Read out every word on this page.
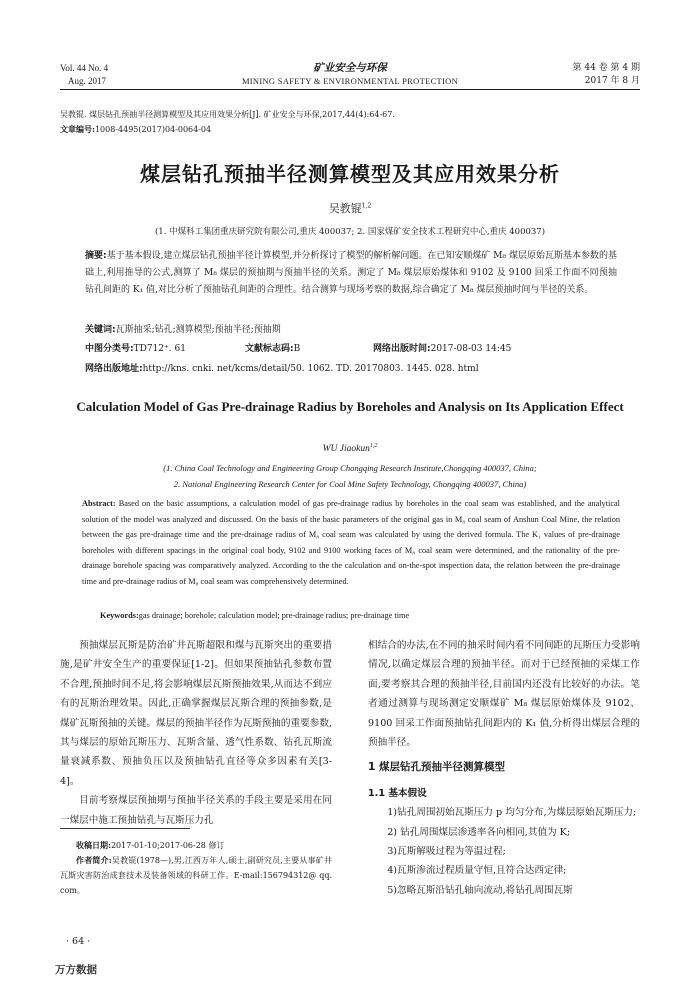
Vol. 44 No. 4
Aug. 2017
矿业安全与环保
MINING SAFETY & ENVIRONMENTAL PROTECTION
第 44 卷 第 4 期
2017 年 8 月
吴教锟. 煤层钻孔预抽半径测算模型及其应用效果分析[J]. 矿业安全与环保,2017,44(4):64-67.
文章编号:1008-4495(2017)04-0064-04
煤层钻孔预抽半径测算模型及其应用效果分析
吴教锟$^{1,2}$
(1. 中煤科工集团重庆研究院有限公司,重庆 400037; 2. 国家煤矿安全技术工程研究中心,重庆 400037)
摘要:基于基本假设,建立煤层钻孔预抽半径计算模型,并分析探讨了模型的解析解问题。在已知安顺煤矿 M₈ 煤层原始瓦斯基本参数的基础上,利用推导的公式,测算了 M₈ 煤层的预抽期与预抽半径的关系。测定了 M₈ 煤层原始煤体和 9102 及 9100 回采工作面不同预抽钻孔间距的 K₁ 值,对比分析了预抽钻孔间距的合理性。结合测算与现场考察的数据,综合确定了 M₈ 煤层预抽时间与半径的关系。
关键词:瓦斯抽采;钻孔;测算模型;预抽半径;预抽期
中图分类号:TD712⁺. 61	文献标志码:B	网络出版时间:2017-08-03 14:45
网络出版地址:http://kns. cnki. net/kcms/detail/50. 1062. TD. 20170803. 1445. 028. html
Calculation Model of Gas Pre-drainage Radius by Boreholes and Analysis on Its Application Effect
WU Jiaokun$^{1,2}$
(1. China Coal Technology and Engineering Group Chongqing Research Institute,Chongqing 400037, China;
2. National Engineering Research Center for Coal Mine Safety Technology, Chongqing 400037, China)
Abstract: Based on the basic assumptions, a calculation model of gas pre-drainage radius by boreholes in the coal seam was established, and the analytical solution of the model was analyzed and discussed. On the basis of the basic parameters of the original gas in M₈ coal seam of Anshun Coal Mine, the relation between the gas pre-drainage time and the pre-drainage radius of M₈ coal seam was calculated by using the derived formula. The K₁ values of pre-drainage boreholes with different spacings in the original coal body, 9102 and 9100 working faces of M₈ coal seam were determined, and the rationality of the pre-drainage borehole spacing was comparatively analyzed. According to the the calculation and on-the-spot inspection data, the relation between the pre-drainage time and pre-drainage radius of M₈ coal seam was comprehensively determined.
Keywords:gas drainage; borehole; calculation model; pre-drainage radius; pre-drainage time

预抽煤层瓦斯是防治矿井瓦斯超限和煤与瓦斯突出的重要措施,是矿井安全生产的重要保证[1-2]。但如果预抽钻孔参数布置不合理,预抽时间不足,将会影响煤层瓦斯预抽效果,从而达不到应有的瓦斯治理效果。因此,正确掌握煤层瓦斯合理的预抽参数,是煤矿瓦斯预抽的关键。煤层的预抽半径作为瓦斯预抽的重要参数,其与煤层的原始瓦斯压力、瓦斯含量、透气性系数、钻孔瓦斯流量衰减系数、预抽负压以及预抽钻孔直径等众多因素有关[3-4]。

目前考察煤层预抽期与预抽半径关系的手段主要是采用在同一煤层中施工预抽钻孔与瓦斯压力孔

相结合的办法,在不同的抽采时间内看不同间距的瓦斯压力受影响情况,以确定煤层合理的预抽半径。而对于已经预抽的采煤工作面,要考察其合理的预抽半径,目前国内还没有比较好的办法。笔者通过测算与现场测定安顺煤矿 M₈ 煤层原始煤体及 9102、9100 回采工作面预抽钻孔间距内的 K₁ 值,分析得出煤层合理的预抽半径。

1 煤层钻孔预抽半径测算模型
1.1 基本假设

1)钻孔周围初始瓦斯压力 p 均匀分布,为煤层原始瓦斯压力;

2) 钻孔周围煤层渗透率各向相同,其值为 K;

3)瓦斯解吸过程为等温过程;

4)瓦斯渗流过程质量守恒,且符合达西定律;

5)忽略瓦斯沿钻孔轴向流动,将钻孔周围瓦斯

收稿日期:2017-01-10;2017-06-28 修订

作者简介:吴教锟(1978—),男,江西万年人,硕士,副研究员,主要从事矿井瓦斯灾害防治成套技术及装备领域的科研工作。E-mail:156794312@ qq. com。

· 64 ·
万方数据
